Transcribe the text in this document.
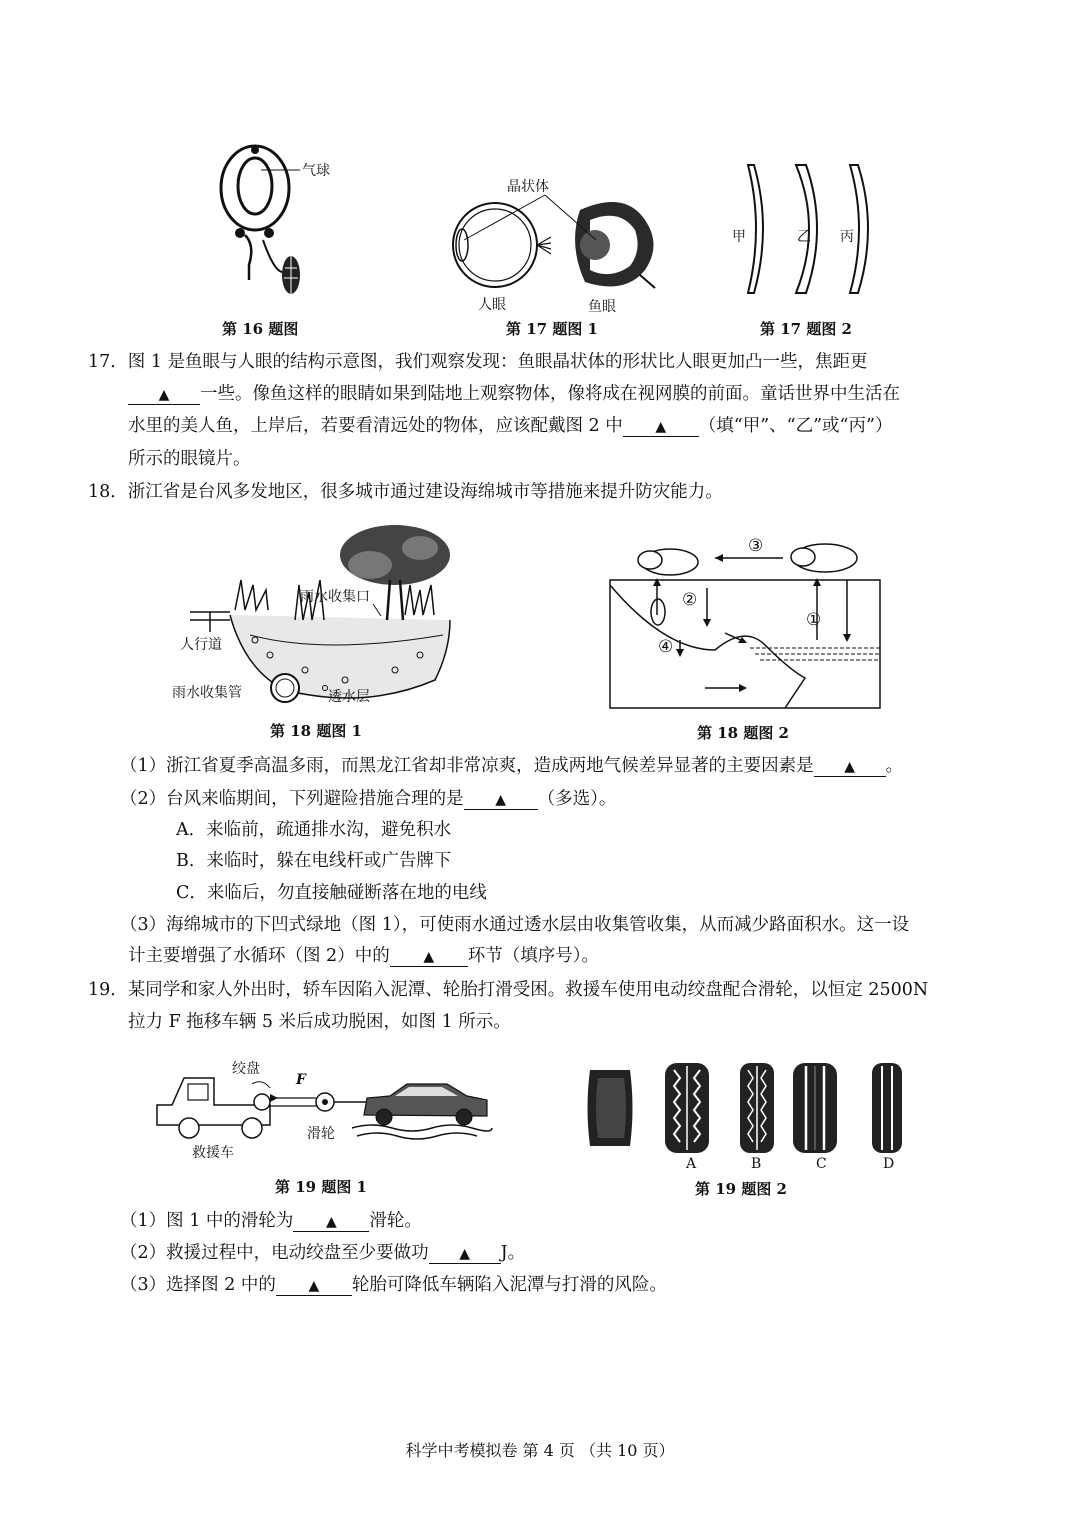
气球
第 16 题图
晶状体
人眼	鱼眼
第 17 题图 1
甲	乙 丙
第 17 题图 2
17．图 1 是鱼眼与人眼的结构示意图，我们观察发现：鱼眼晶状体的形状比人眼更加凸一些，焦距更
▲ 一些。像鱼这样的眼睛如果到陆地上观察物体，像将成在视网膜的前面。童话世界中生活在
水里的美人鱼，上岸后，若要看清远处的物体，应该配戴图 2 中 ▲ （填“甲”、“乙”或“丙”）
所示的眼镜片。
18．浙江省是台风多发地区，很多城市通过建设海绵城市等措施来提升防灾能力。
雨水收集口
人行道
雨水收集管	透水层
第 18 题图 1
③
②
①
④
第 18 题图 2
（1）浙江省夏季高温多雨，而黑龙江省却非常凉爽，造成两地气候差异显著的主要因素是 ▲ 。
（2）台风来临期间，下列避险措施合理的是 ▲ （多选）。
A．来临前，疏通排水沟，避免积水
B．来临时，躲在电线杆或广告牌下
C．来临后，勿直接触碰断落在地的电线
（3）海绵城市的下凹式绿地（图 1），可使雨水通过透水层由收集管收集，从而减少路面积水。这一设
计主要增强了水循环（图 2）中的 ▲ 环节（填序号）。
19．某同学和家人外出时，轿车因陷入泥潭、轮胎打滑受困。救援车使用电动绞盘配合滑轮，以恒定 2500N
拉力 F 拖移车辆 5 米后成功脱困，如图 1 所示。
绞盘
F
滑轮
救援车
第 19 题图 1
A	B	C	D
第 19 题图 2
（1）图 1 中的滑轮为 ▲ 滑轮。
（2）救援过程中，电动绞盘至少要做功 ▲ J。
（3）选择图 2 中的 ▲ 轮胎可降低车辆陷入泥潭与打滑的风险。
科学中考模拟卷 第 4 页 （共 10 页）
